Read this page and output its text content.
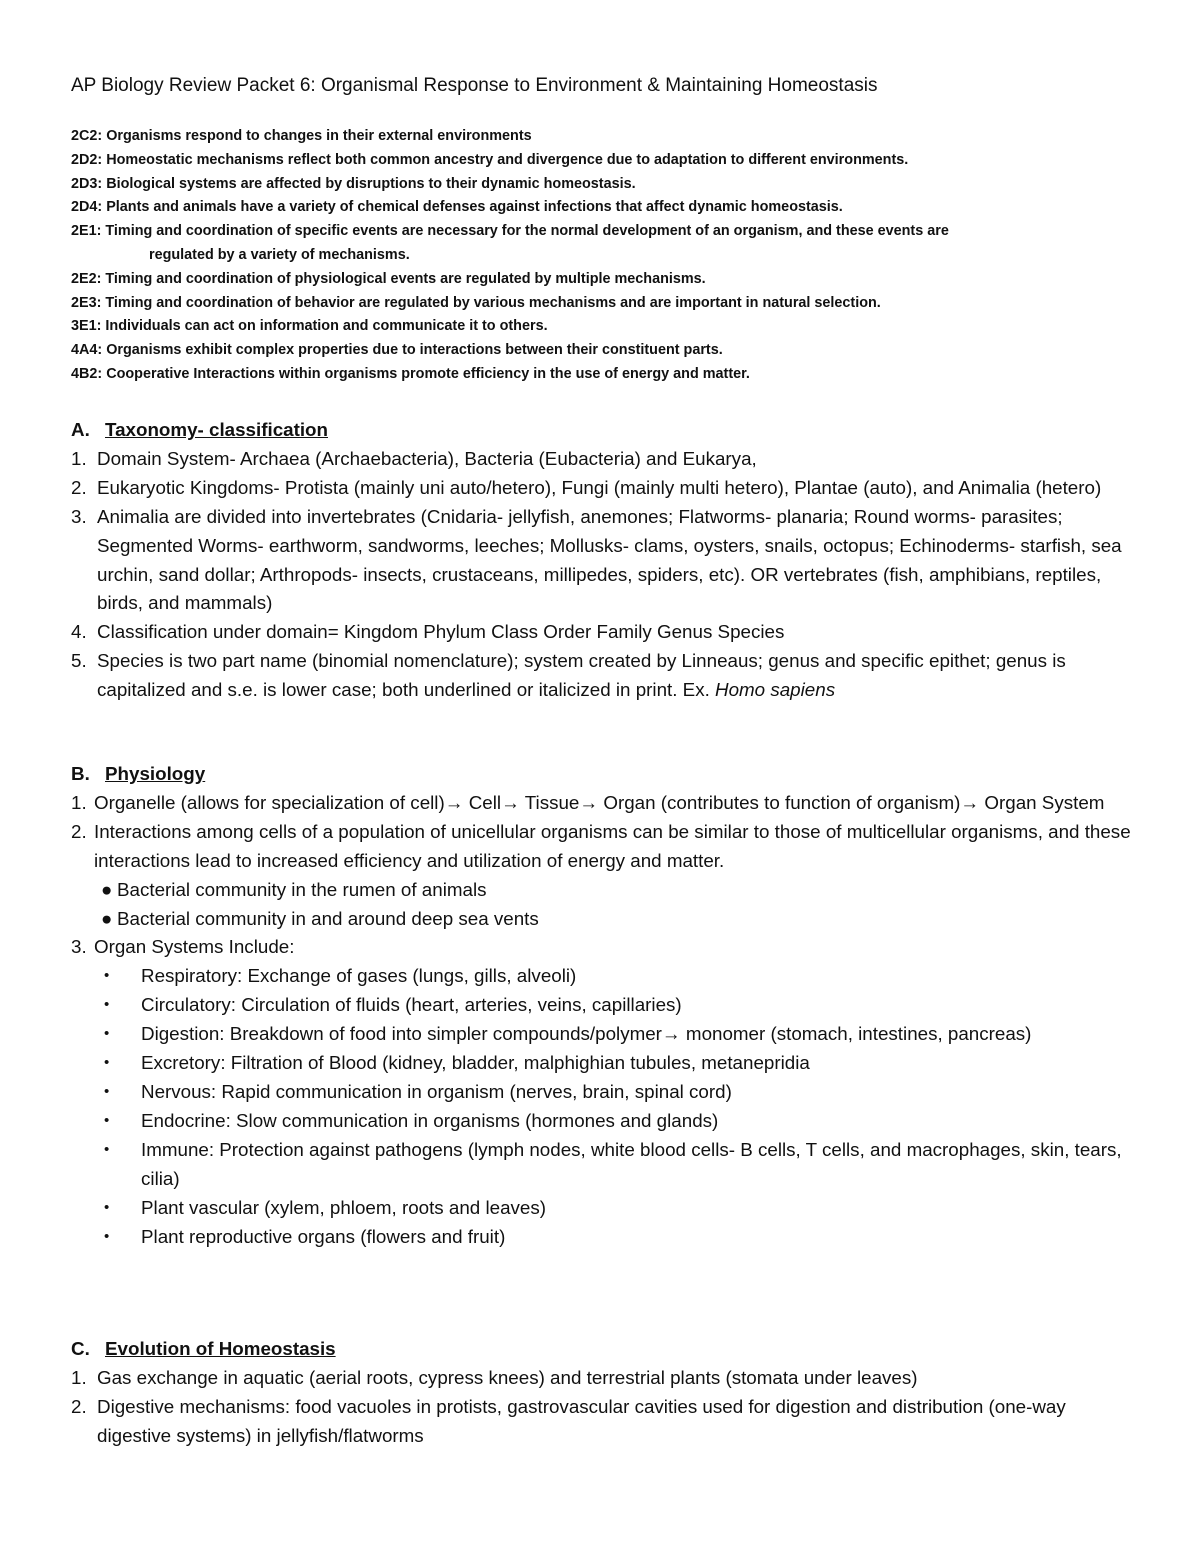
AP Biology Review Packet 6: Organismal Response to Environment & Maintaining Homeostasis
2C2: Organisms respond to changes in their external environments
2D2: Homeostatic mechanisms reflect both common ancestry and divergence due to adaptation to different environments.
2D3: Biological systems are affected by disruptions to their dynamic homeostasis.
2D4: Plants and animals have a variety of chemical defenses against infections that affect dynamic homeostasis.
2E1: Timing and coordination of specific events are necessary for the normal development of an organism, and these events are
regulated by a variety of mechanisms.
2E2: Timing and coordination of physiological events are regulated by multiple mechanisms.
2E3: Timing and coordination of behavior are regulated by various mechanisms and are important in natural selection.
3E1: Individuals can act on information and communicate it to others.
4A4: Organisms exhibit complex properties due to interactions between their constituent parts.
4B2: Cooperative Interactions within organisms promote efficiency in the use of energy and matter.
A. Taxonomy- classification
1. Domain System- Archaea (Archaebacteria), Bacteria (Eubacteria) and Eukarya,
2. Eukaryotic Kingdoms- Protista (mainly uni auto/hetero), Fungi (mainly multi hetero), Plantae (auto), and Animalia (hetero)
3. Animalia are divided into invertebrates (Cnidaria- jellyfish, anemones; Flatworms- planaria; Round worms- parasites; Segmented Worms- earthworm, sandworms, leeches; Mollusks- clams, oysters, snails, octopus; Echinoderms- starfish, sea urchin, sand dollar; Arthropods- insects, crustaceans, millipedes, spiders, etc). OR vertebrates (fish, amphibians, reptiles, birds, and mammals)
4. Classification under domain= Kingdom Phylum Class Order Family Genus Species
5. Species is two part name (binomial nomenclature); system created by Linneaus; genus and specific epithet; genus is capitalized and s.e. is lower case; both underlined or italicized in print. Ex. Homo sapiens
B. Physiology
1. Organelle (allows for specialization of cell)→ Cell→ Tissue→ Organ (contributes to function of organism)→ Organ System
2. Interactions among cells of a population of unicellular organisms can be similar to those of multicellular organisms, and these interactions lead to increased efficiency and utilization of energy and matter.
● Bacterial community in the rumen of animals
● Bacterial community in and around deep sea vents
3. Organ Systems Include:
• Respiratory: Exchange of gases (lungs, gills, alveoli)
• Circulatory: Circulation of fluids (heart, arteries, veins, capillaries)
• Digestion: Breakdown of food into simpler compounds/polymer→ monomer (stomach, intestines, pancreas)
• Excretory: Filtration of Blood (kidney, bladder, malphighian tubules, metanepridia
• Nervous: Rapid communication in organism (nerves, brain, spinal cord)
• Endocrine: Slow communication in organisms (hormones and glands)
• Immune: Protection against pathogens (lymph nodes, white blood cells- B cells, T cells, and macrophages, skin, tears, cilia)
• Plant vascular (xylem, phloem, roots and leaves)
• Plant reproductive organs (flowers and fruit)
C. Evolution of Homeostasis
1. Gas exchange in aquatic (aerial roots, cypress knees) and terrestrial plants (stomata under leaves)
2. Digestive mechanisms: food vacuoles in protists, gastrovascular cavities used for digestion and distribution (one-way digestive systems) in jellyfish/flatworms
